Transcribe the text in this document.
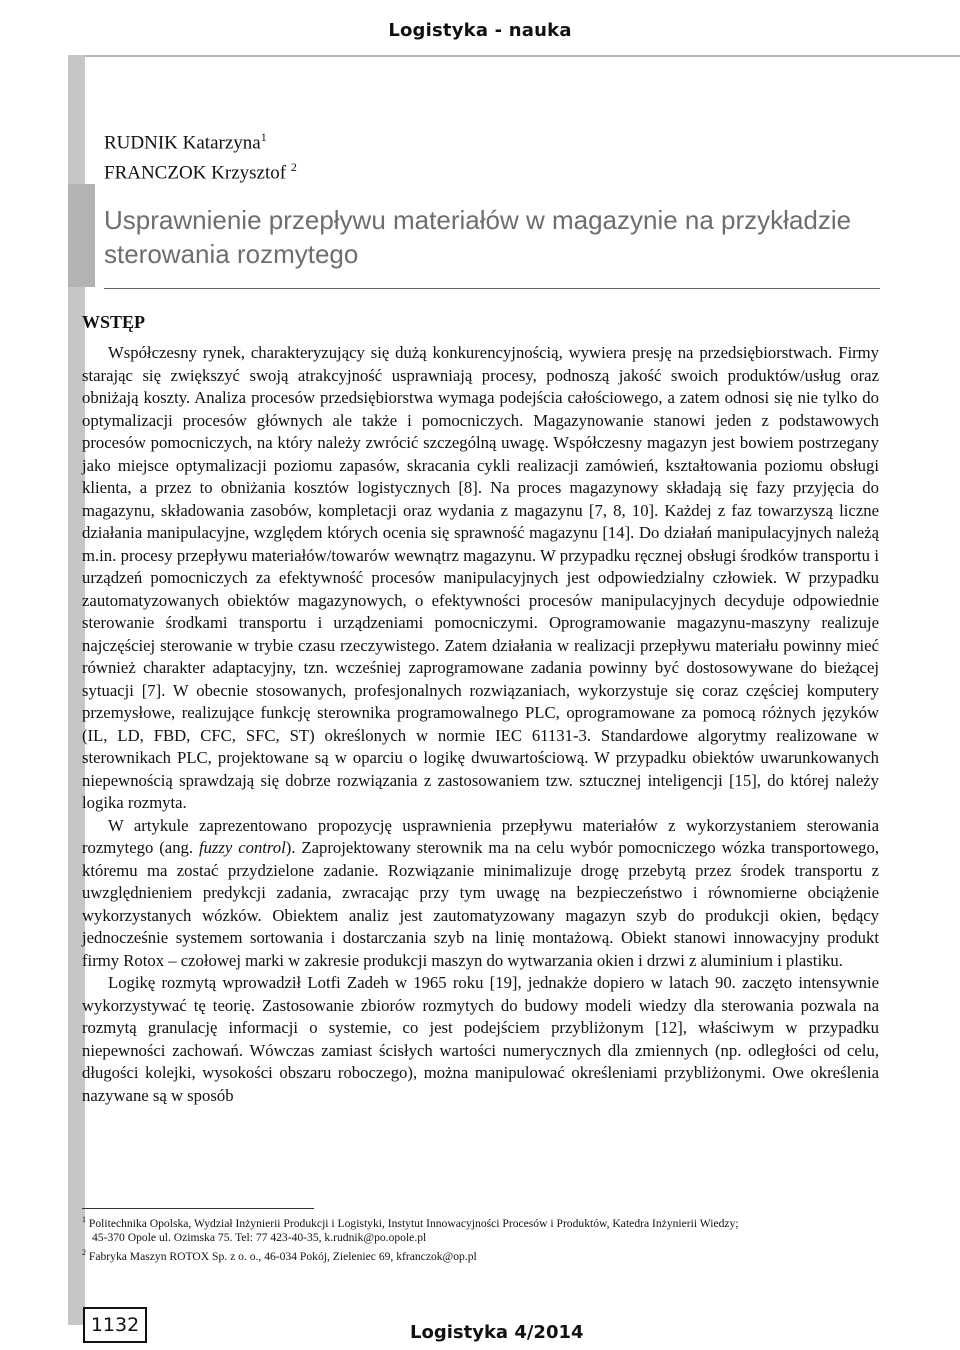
Logistyka - nauka
RUDNIK Katarzyna$^1$
FRANCZOK Krzysztof $^2$
Usprawnienie przepływu materiałów w magazynie na przykładzie sterowania rozmytego
WSTĘP

Współczesny rynek, charakteryzujący się dużą konkurencyjnością, wywiera presję na przedsiębiorstwach. Firmy starając się zwiększyć swoją atrakcyjność usprawniają procesy, podnoszą jakość swoich produktów/usług oraz obniżają koszty. Analiza procesów przedsiębiorstwa wymaga podejścia całościowego, a zatem odnosi się nie tylko do optymalizacji procesów głównych ale także i pomocniczych. Magazynowanie stanowi jeden z podstawowych procesów pomocniczych, na który należy zwrócić szczególną uwagę. Współczesny magazyn jest bowiem postrzegany jako miejsce optymalizacji poziomu zapasów, skracania cykli realizacji zamówień, kształtowania poziomu obsługi klienta, a przez to obniżania kosztów logistycznych [8]. Na proces magazynowy składają się fazy przyjęcia do magazynu, składowania zasobów, kompletacji oraz wydania z magazynu [7, 8, 10]. Każdej z faz towarzyszą liczne działania manipulacyjne, względem których ocenia się sprawność magazynu [14]. Do działań manipulacyjnych należą m.in. procesy przepływu materiałów/towarów wewnątrz magazynu. W przypadku ręcznej obsługi środków transportu i urządzeń pomocniczych za efektywność procesów manipulacyjnych jest odpowiedzialny człowiek. W przypadku zautomatyzowanych obiektów magazynowych, o efektywności procesów manipulacyjnych decyduje odpowiednie sterowanie środkami transportu i urządzeniami pomocniczymi. Oprogramowanie magazynu-maszyny realizuje najczęściej sterowanie w trybie czasu rzeczywistego. Zatem działania w realizacji przepływu materiału powinny mieć również charakter adaptacyjny, tzn. wcześniej zaprogramowane zadania powinny być dostosowywane do bieżącej sytuacji [7]. W obecnie stosowanych, profesjonalnych rozwiązaniach, wykorzystuje się coraz częściej komputery przemysłowe, realizujące funkcję sterownika programowalnego PLC, oprogramowane za pomocą różnych języków (IL, LD, FBD, CFC, SFC, ST) określonych w normie IEC 61131-3. Standardowe algorytmy realizowane w sterownikach PLC, projektowane są w oparciu o logikę dwuwartościową. W przypadku obiektów uwarunkowanych niepewnością sprawdzają się dobrze rozwiązania z zastosowaniem tzw. sztucznej inteligencji [15], do której należy logika rozmyta.

W artykule zaprezentowano propozycję usprawnienia przepływu materiałów z wykorzystaniem sterowania rozmytego (ang. fuzzy control). Zaprojektowany sterownik ma na celu wybór pomocniczego wózka transportowego, któremu ma zostać przydzielone zadanie. Rozwiązanie minimalizuje drogę przebytą przez środek transportu z uwzględnieniem predykcji zadania, zwracając przy tym uwagę na bezpieczeństwo i równomierne obciążenie wykorzystanych wózków. Obiektem analiz jest zautomatyzowany magazyn szyb do produkcji okien, będący jednocześnie systemem sortowania i dostarczania szyb na linię montażową. Obiekt stanowi innowacyjny produkt firmy Rotox – czołowej marki w zakresie produkcji maszyn do wytwarzania okien i drzwi z aluminium i plastiku.

Logikę rozmytą wprowadził Lotfi Zadeh w 1965 roku [19], jednakże dopiero w latach 90. zaczęto intensywnie wykorzystywać tę teorię. Zastosowanie zbiorów rozmytych do budowy modeli wiedzy dla sterowania pozwala na rozmytą granulację informacji o systemie, co jest podejściem przybliżonym [12], właściwym w przypadku niepewności zachowań. Wówczas zamiast ścisłych wartości numerycznych dla zmiennych (np. odległości od celu, długości kolejki, wysokości obszaru roboczego), można manipulować określeniami przybliżonymi. Owe określenia nazywane są w sposób

$^1$ Politechnika Opolska, Wydział Inżynierii Produkcji i Logistyki, Instytut Innowacyjności Procesów i Produktów, Katedra Inżynierii Wiedzy;
45-370 Opole ul. Ozimska 75. Tel: 77 423-40-35, k.rudnik@po.opole.pl
$^2$ Fabryka Maszyn ROTOX Sp. z o. o., 46-034 Pokój, Zieleniec 69, kfranczok@op.pl
1132	Logistyka 4/2014
